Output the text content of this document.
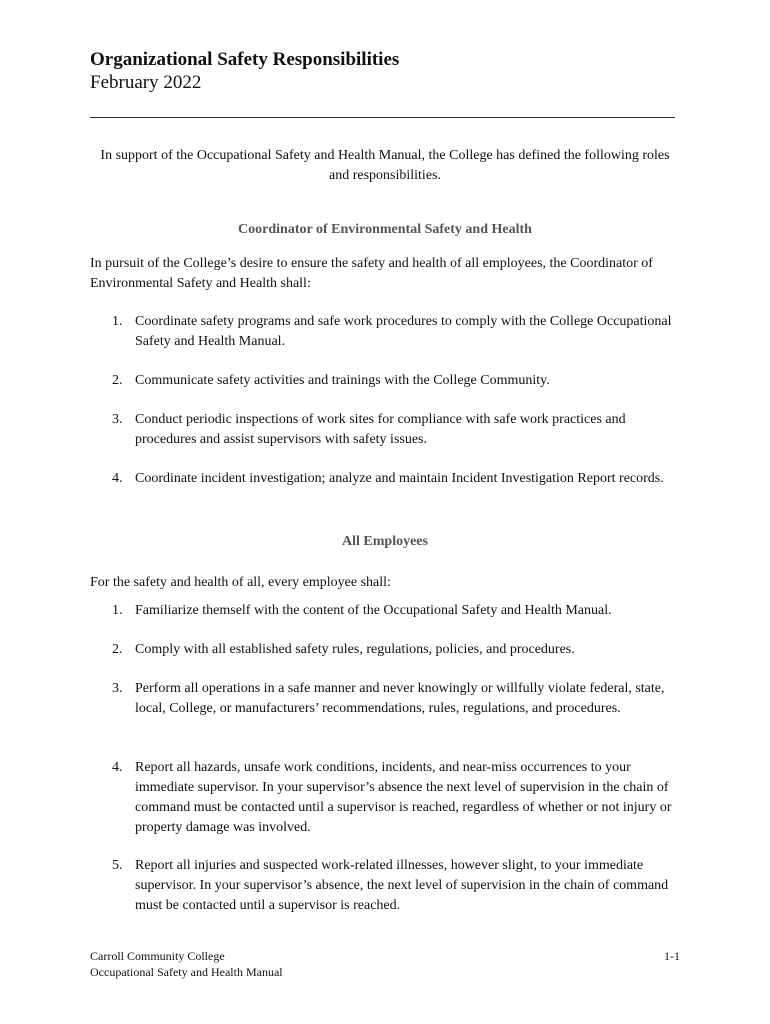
Organizational Safety Responsibilities
February 2022
In support of the Occupational Safety and Health Manual, the College has defined the following roles and responsibilities.
Coordinator of Environmental Safety and Health
In pursuit of the College’s desire to ensure the safety and health of all employees, the Coordinator of Environmental Safety and Health shall:
1. Coordinate safety programs and safe work procedures to comply with the College Occupational Safety and Health Manual.
2. Communicate safety activities and trainings with the College Community.
3. Conduct periodic inspections of work sites for compliance with safe work practices and procedures and assist supervisors with safety issues.
4. Coordinate incident investigation; analyze and maintain Incident Investigation Report records.
All Employees
For the safety and health of all, every employee shall:
1. Familiarize themself with the content of the Occupational Safety and Health Manual.
2. Comply with all established safety rules, regulations, policies, and procedures.
3. Perform all operations in a safe manner and never knowingly or willfully violate federal, state, local, College, or manufacturers’ recommendations, rules, regulations, and procedures.
4. Report all hazards, unsafe work conditions, incidents, and near-miss occurrences to your immediate supervisor. In your supervisor’s absence the next level of supervision in the chain of command must be contacted until a supervisor is reached, regardless of whether or not injury or property damage was involved.
5. Report all injuries and suspected work-related illnesses, however slight, to your immediate supervisor. In your supervisor’s absence, the next level of supervision in the chain of command must be contacted until a supervisor is reached.
Carroll Community College
Occupational Safety and Health Manual
1-1
